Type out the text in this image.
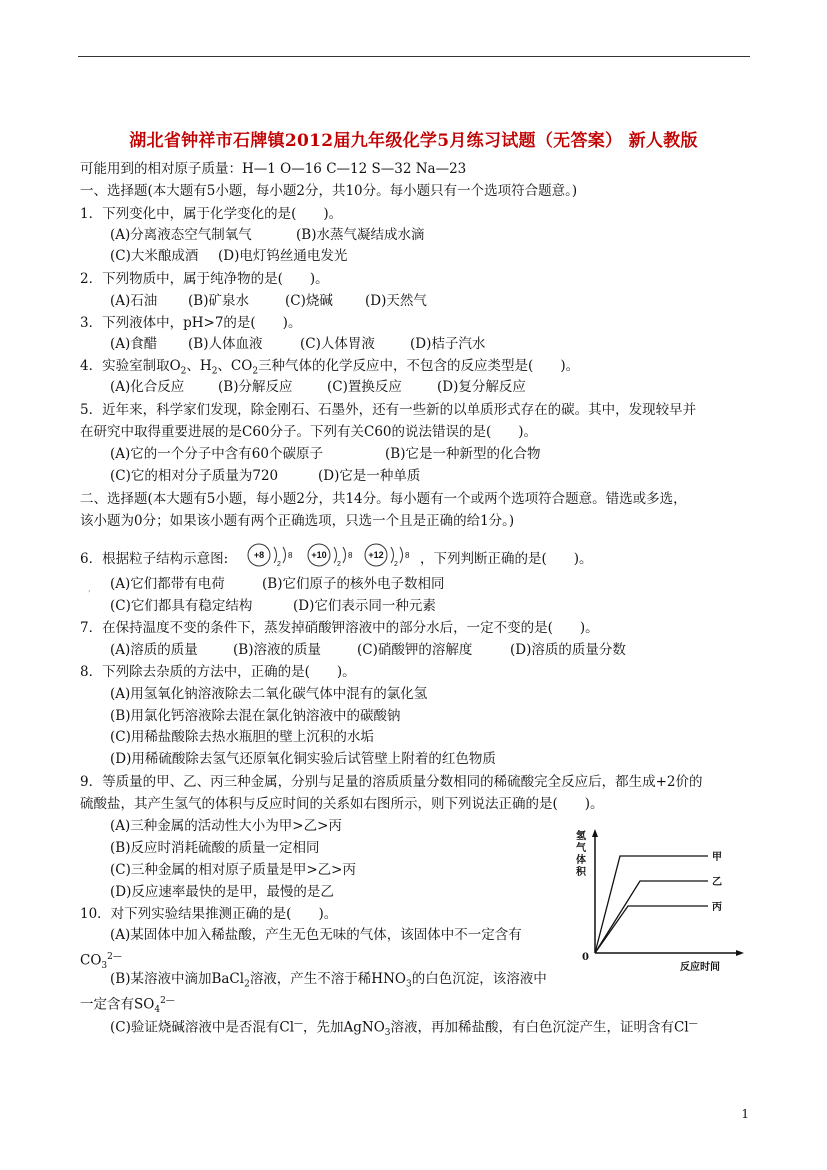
湖北省钟祥市石牌镇2012届九年级化学5月练习试题（无答案） 新人教版
可能用到的相对原子质量：H—1 O—16 C—12 S—32 Na—23
一、选择题(本大题有5小题，每小题2分，共10分。每小题只有一个选项符合题意。)
1．下列变化中，属于化学变化的是(　　)。
(A)分离液态空气制氧气	(B)水蒸气凝结成水滴
(C)大米酿成酒 (D)电灯钨丝通电发光
2．下列物质中，属于纯净物的是(　　)。
(A)石油 (B)矿泉水	(C)烧碱 (D)天然气
3．下列液体中，pH>7的是(　　)。
(A)食醋 (B)人体血液	(C)人体胃液	(D)桔子汽水
4．实验室制取$O_2$、$H_2$、$CO_2$三种气体的化学反应中，不包含的反应类型是(　　)。
(A)化合反应 (B)分解反应	(C)置换反应	(D)复分解反应
5．近年来，科学家们发现，除金刚石、石墨外，还有一些新的以单质形式存在的碳。其中，发现较早并
在研究中取得重要进展的是C60分子。下列有关C60的说法错误的是(　　)。
(A)它的一个分子中含有60个碳原子	(B)它是一种新型的化合物
(C)它的相对分子质量为720	(D)它是一种单质
二、选择题(本大题有5小题，每小题2分，共14分。每小题有一个或两个选项符合题意。错选或多选，
该小题为0分；如果该小题有两个正确选项，只选一个且是正确的给1分。)
6．根据粒子结构示意图:	+8
2
8 +10
2
8 +12
2
8 ，下列判断正确的是(　　)。
, (A)它们都带有电荷	(B)它们原子的核外电子数相同
(C)它们都具有稳定结构	(D)它们表示同一种元素
7．在保持温度不变的条件下，蒸发掉硝酸钾溶液中的部分水后，一定不变的是(　　)。
(A)溶质的质量	(B)溶液的质量	(C)硝酸钾的溶解度	(D)溶质的质量分数
8．下列除去杂质的方法中，正确的是(　　)。
(A)用氢氧化钠溶液除去二氧化碳气体中混有的氯化氢
(B)用氯化钙溶液除去混在氯化钠溶液中的碳酸钠
(C)用稀盐酸除去热水瓶胆的壁上沉积的水垢
(D)用稀硫酸除去氢气还原氧化铜实验后试管壁上附着的红色物质
9．等质量的甲、乙、丙三种金属，分别与足量的溶质质量分数相同的稀硫酸完全反应后，都生成+2价的
硫酸盐，其产生氢气的体积与反应时间的关系如右图所示，则下列说法正确的是(　　)。
(A)三种金属的活动性大小为甲>乙>丙
(B)反应时消耗硫酸的质量一定相同
(C)三种金属的相对原子质量是甲>乙>丙
(D)反应速率最快的是甲，最慢的是乙
氢
气
体
积
0
反应时间
甲
乙
丙
10．对下列实验结果推测正确的是(　　)。
(A)某固体中加入稀盐酸，产生无色无味的气体，该固体中不一定含有
$CO_3^{2—}$
(B)某溶液中滴加BaCl$_2$溶液，产生不溶于稀$HNO_3$的白色沉淀，该溶液中
一定含有$SO_4^{2—}$
(C)验证烧碱溶液中是否混有Cl—，先加AgNO$_3$溶液，再加稀盐酸，有白色沉淀产生，证明含有Cl—
1
